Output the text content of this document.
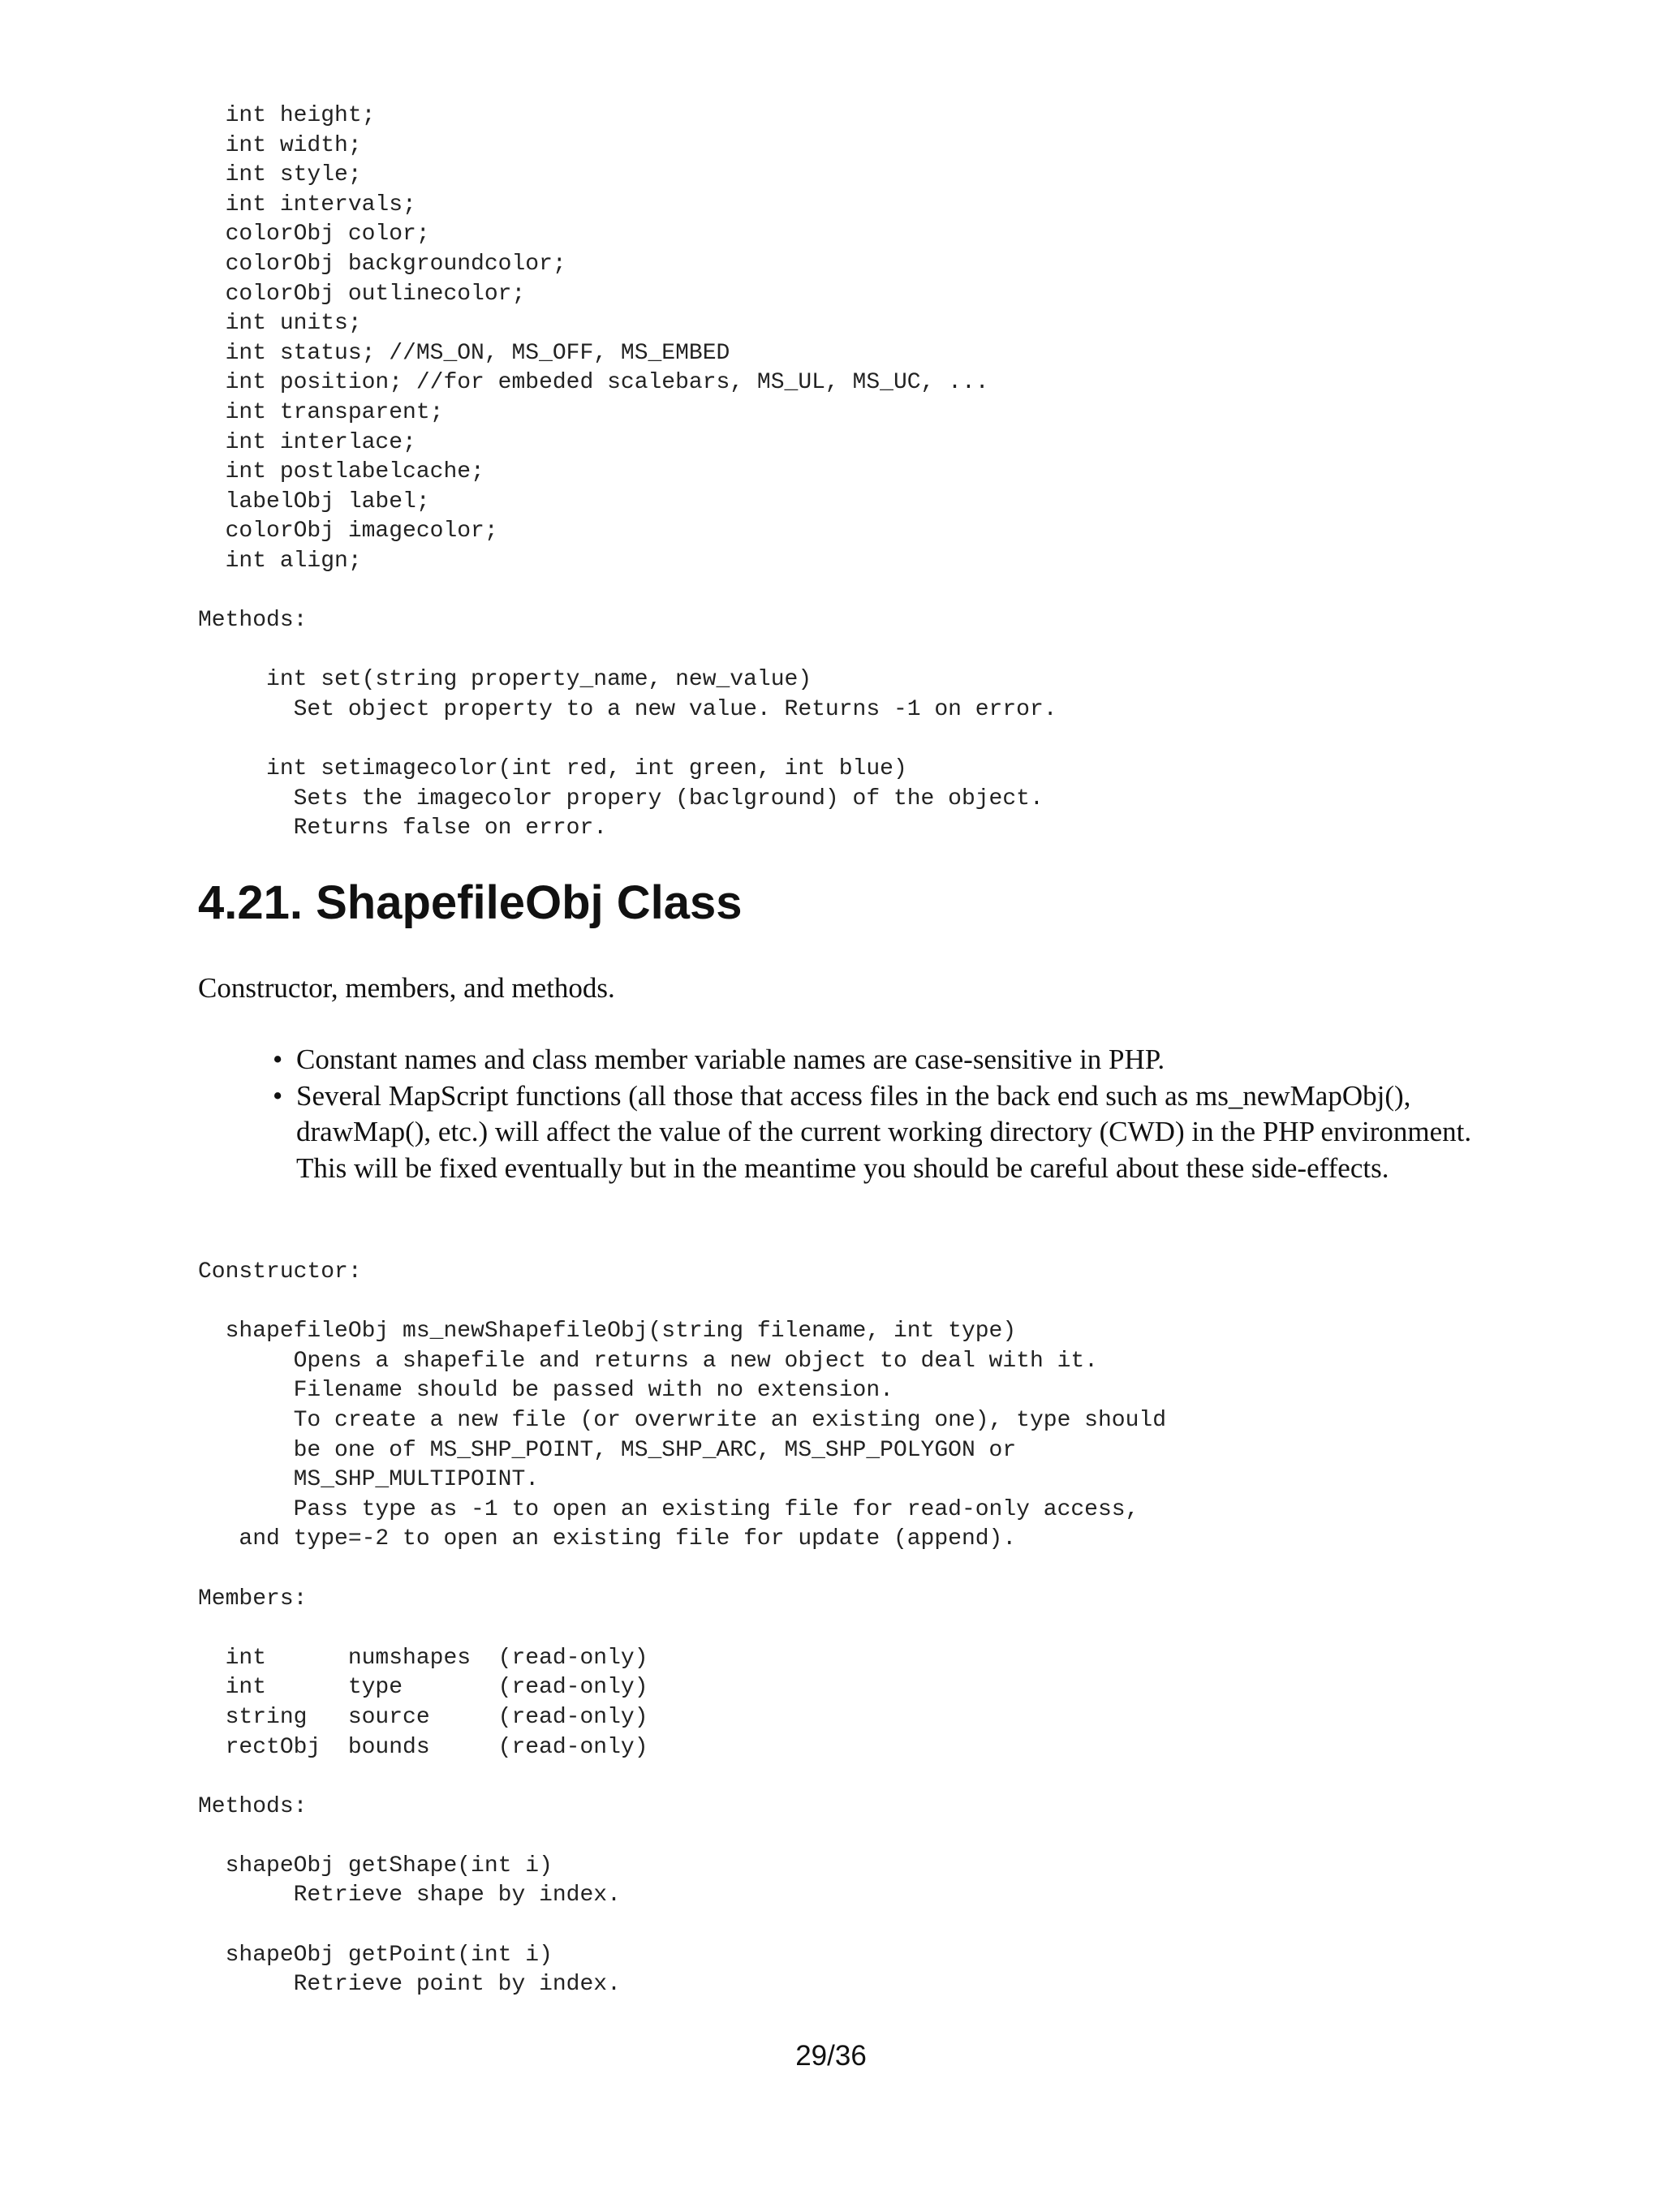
int height;
int width;
int style;
int intervals;
colorObj color;
colorObj backgroundcolor;
colorObj outlinecolor;
int units;
int status; //MS_ON, MS_OFF, MS_EMBED
int position; //for embeded scalebars, MS_UL, MS_UC, ...
int transparent;
int interlace;
int postlabelcache;
labelObj label;
colorObj imagecolor;
int align;

Methods:

int set(string property_name, new_value)
Set object property to a new value. Returns -1 on error.

int setimagecolor(int red, int green, int blue)
Sets the imagecolor propery (baclground) of the object.
Returns false on error.
4.21. ShapefileObj Class

Constructor, members, and methods.

• Constant names and class member variable names are case-sensitive in PHP.
• Several MapScript functions (all those that access files in the back end such as ms_newMapObj(), drawMap(), etc.) will affect the value of the current working directory (CWD) in the PHP environment. This will be fixed eventually but in the meantime you should be careful about these side-effects.
Constructor:

shapefileObj ms_newShapefileObj(string filename, int type)
Opens a shapefile and returns a new object to deal with it.
Filename should be passed with no extension.
To create a new file (or overwrite an existing one), type should
be one of MS_SHP_POINT, MS_SHP_ARC, MS_SHP_POLYGON or
MS_SHP_MULTIPOINT.
Pass type as -1 to open an existing file for read-only access,
and type=-2 to open an existing file for update (append).

Members:

int      numshapes  (read-only)
int      type       (read-only)
string   source     (read-only)
rectObj  bounds     (read-only)

Methods:

shapeObj getShape(int i)
Retrieve shape by index.

shapeObj getPoint(int i)
Retrieve point by index.
29/36
